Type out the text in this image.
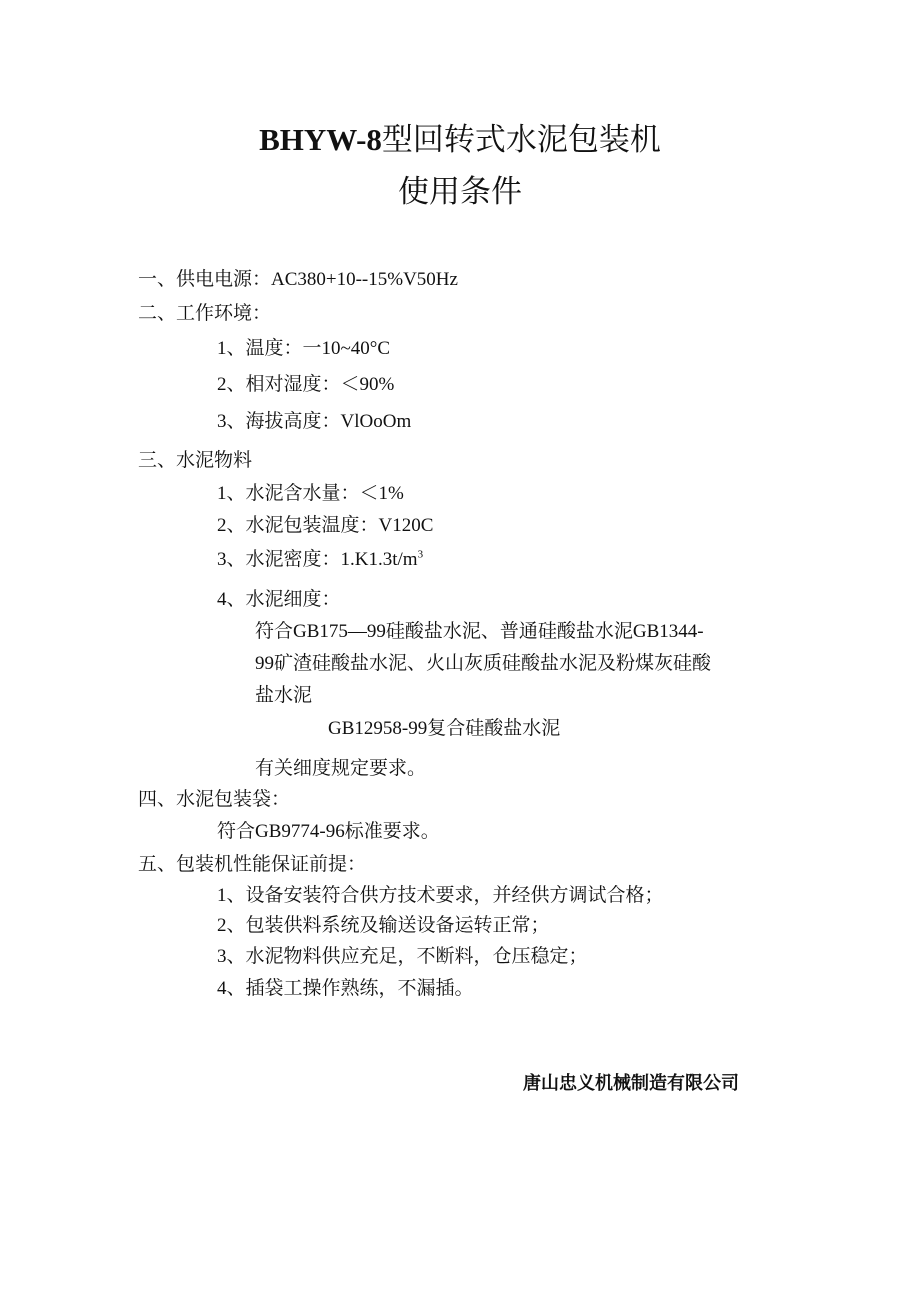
BHYW-8型回转式水泥包装机
使用条件
一、供电电源：AC380+10--15%V50Hz
二、工作环境：
1、温度：一10~40°C
2、相对湿度：＜90%
3、海拔高度：VlOoOm
三、水泥物料
1、水泥含水量：＜1%
2、水泥包装温度：V120C
3、水泥密度：$1.K1.3t/m^3$
4、水泥细度：
符合GB175—99硅酸盐水泥、普通硅酸盐水泥GB1344-
99矿渣硅酸盐水泥、火山灰质硅酸盐水泥及粉煤灰硅酸
盐水泥
GB12958-99复合硅酸盐水泥
有关细度规定要求。
四、水泥包装袋：
符合GB9774-96标准要求。
五、包装机性能保证前提：
1、设备安装符合供方技术要求，并经供方调试合格；
2、包装供料系统及输送设备运转正常；
3、水泥物料供应充足，不断料，仓压稳定；
4、插袋工操作熟练，不漏插。
唐山忠义机械制造有限公司
